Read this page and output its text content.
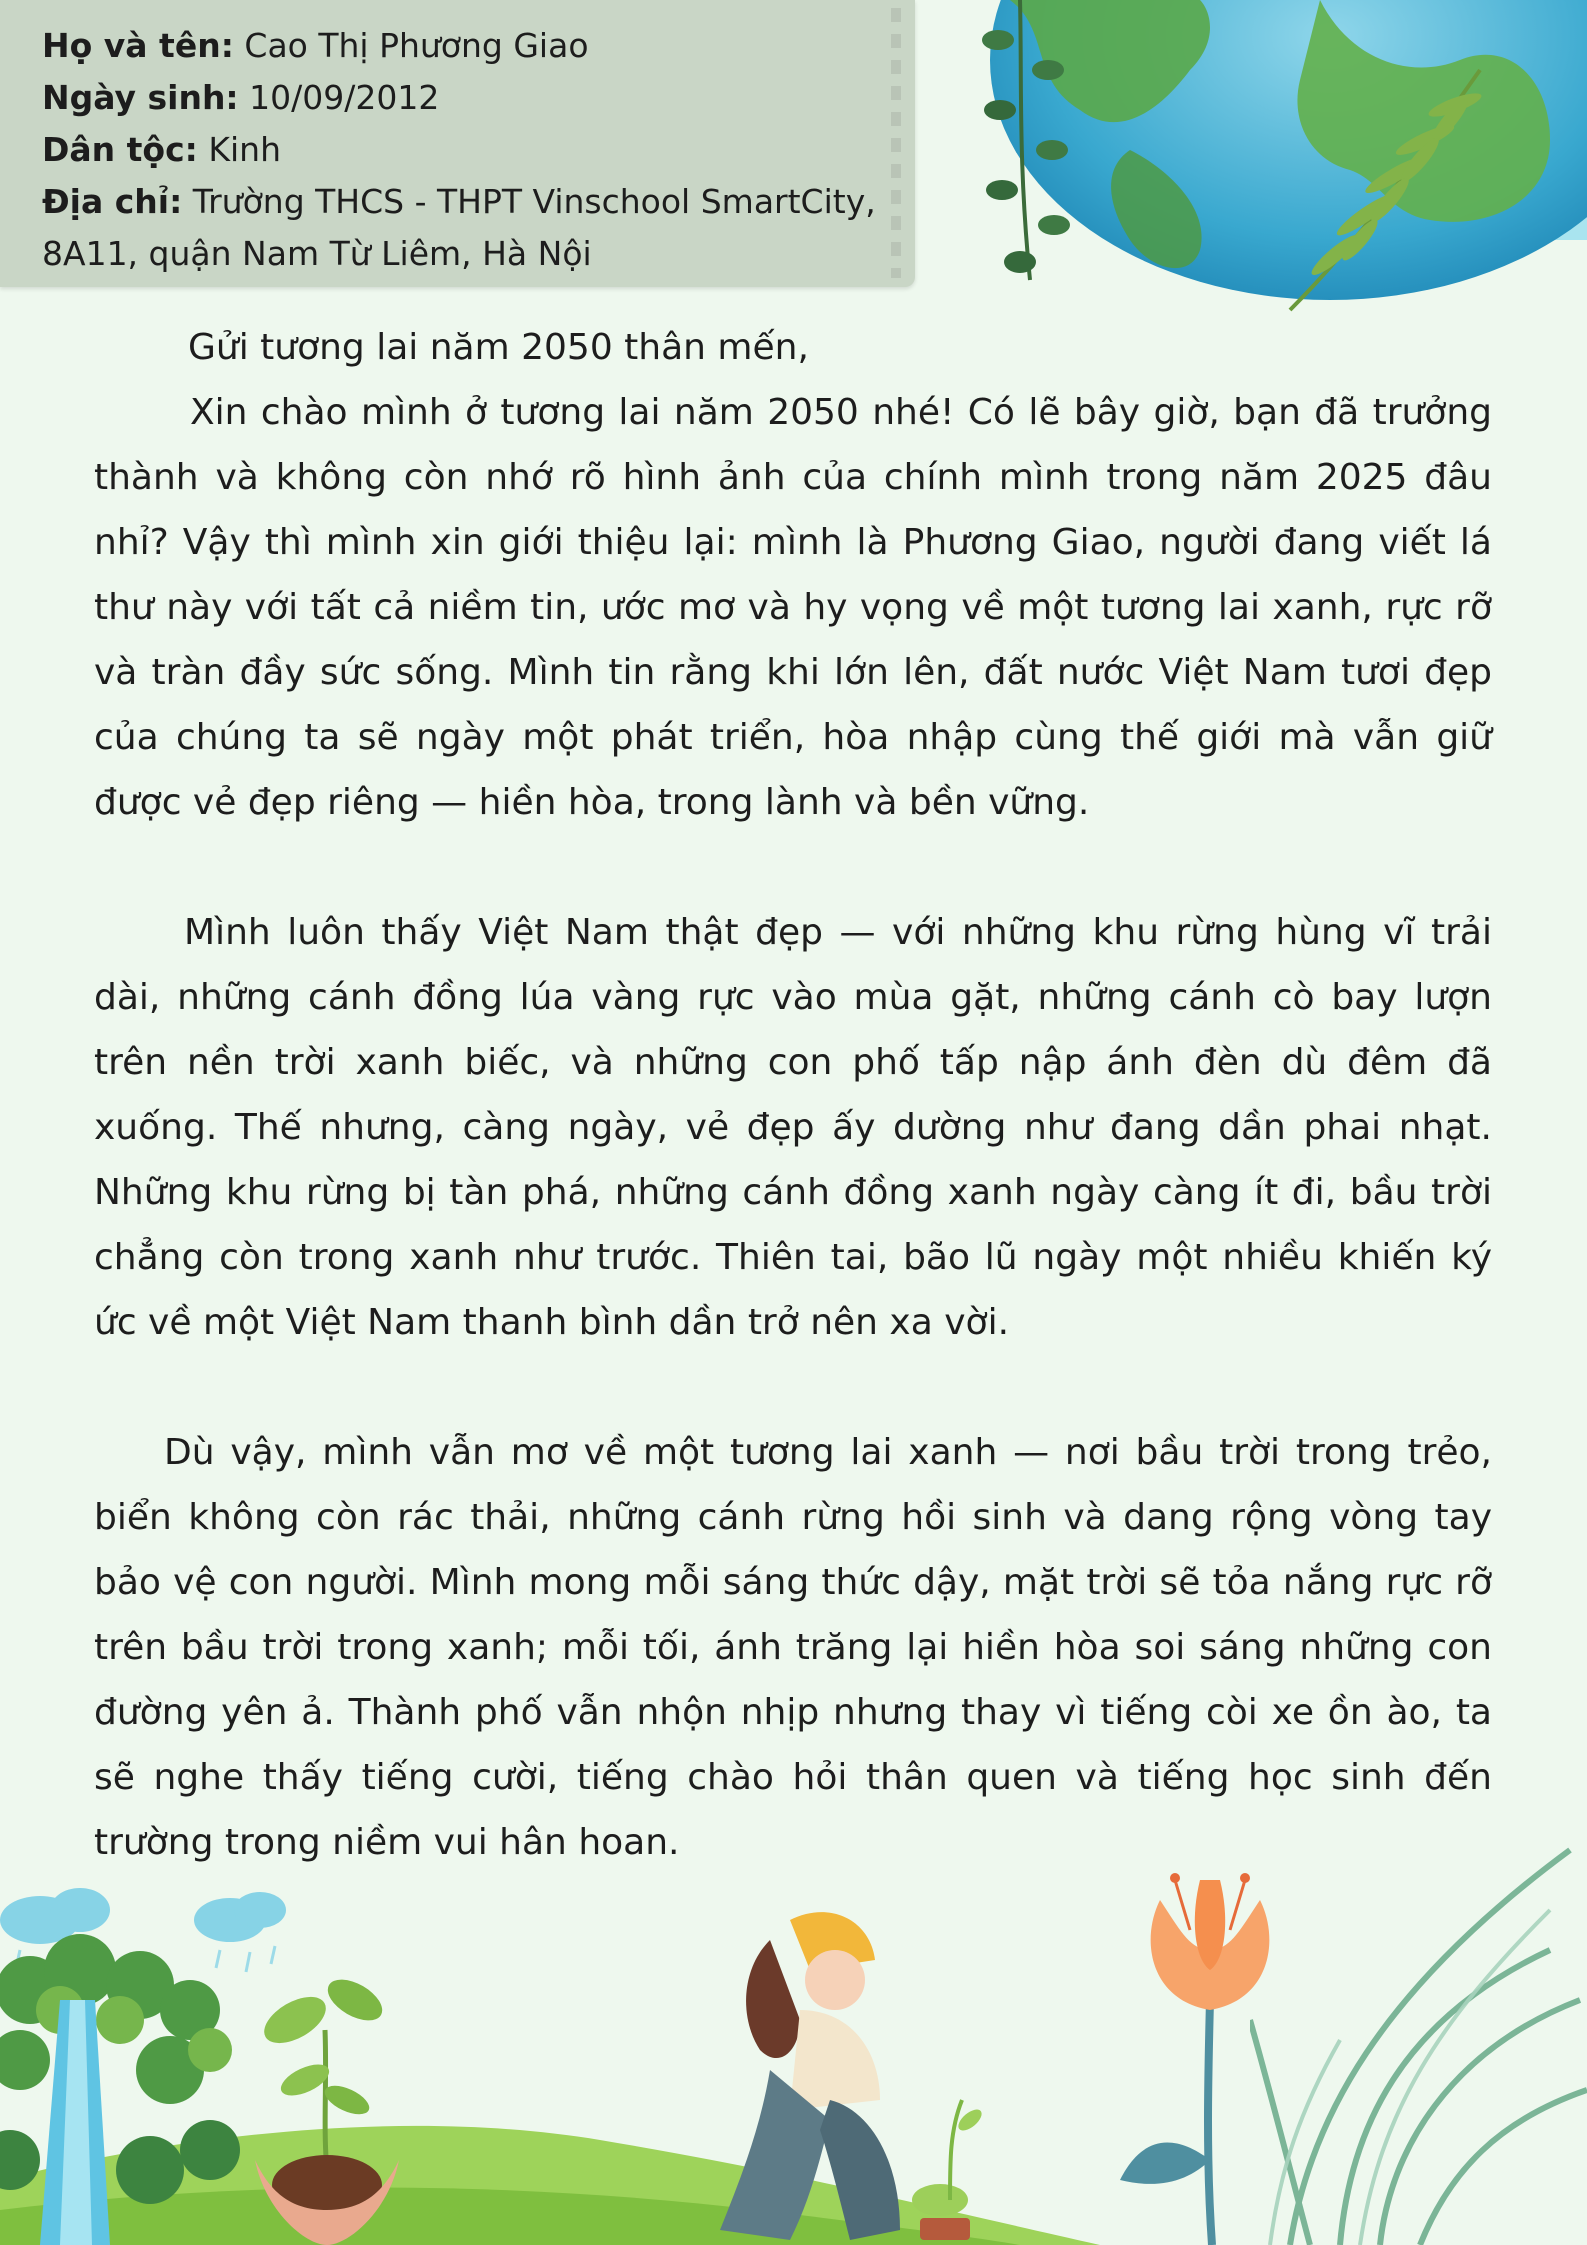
Họ và tên: Cao Thị Phương Giao
Ngày sinh: 10/09/2012
Dân tộc: Kinh
Địa chỉ: Trường THCS - THPT Vinschool SmartCity,
8A11, quận Nam Từ Liêm, Hà Nội
Gửi tương lai năm 2050 thân mến,

Xin chào mình ở tương lai năm 2050 nhé! Có lẽ bây giờ, bạn đã trưởng thành và không còn nhớ rõ hình ảnh của chính mình trong năm 2025 đâu nhỉ? Vậy thì mình xin giới thiệu lại: mình là Phương Giao, người đang viết lá thư này với tất cả niềm tin, ước mơ và hy vọng về một tương lai xanh, rực rỡ và tràn đầy sức sống. Mình tin rằng khi lớn lên, đất nước Việt Nam tươi đẹp của chúng ta sẽ ngày một phát triển, hòa nhập cùng thế giới mà vẫn giữ được vẻ đẹp riêng — hiền hòa, trong lành và bền vững.

Mình luôn thấy Việt Nam thật đẹp — với những khu rừng hùng vĩ trải dài, những cánh đồng lúa vàng rực vào mùa gặt, những cánh cò bay lượn trên nền trời xanh biếc, và những con phố tấp nập ánh đèn dù đêm đã xuống. Thế nhưng, càng ngày, vẻ đẹp ấy dường như đang dần phai nhạt. Những khu rừng bị tàn phá, những cánh đồng xanh ngày càng ít đi, bầu trời chẳng còn trong xanh như trước. Thiên tai, bão lũ ngày một nhiều khiến ký ức về một Việt Nam thanh bình dần trở nên xa vời.

Dù vậy, mình vẫn mơ về một tương lai xanh — nơi bầu trời trong trẻo, biển không còn rác thải, những cánh rừng hồi sinh và dang rộng vòng tay bảo vệ con người. Mình mong mỗi sáng thức dậy, mặt trời sẽ tỏa nắng rực rỡ trên bầu trời trong xanh; mỗi tối, ánh trăng lại hiền hòa soi sáng những con đường yên ả. Thành phố vẫn nhộn nhịp nhưng thay vì tiếng còi xe ồn ào, ta sẽ nghe thấy tiếng cười, tiếng chào hỏi thân quen và tiếng học sinh đến trường trong niềm vui hân hoan.
